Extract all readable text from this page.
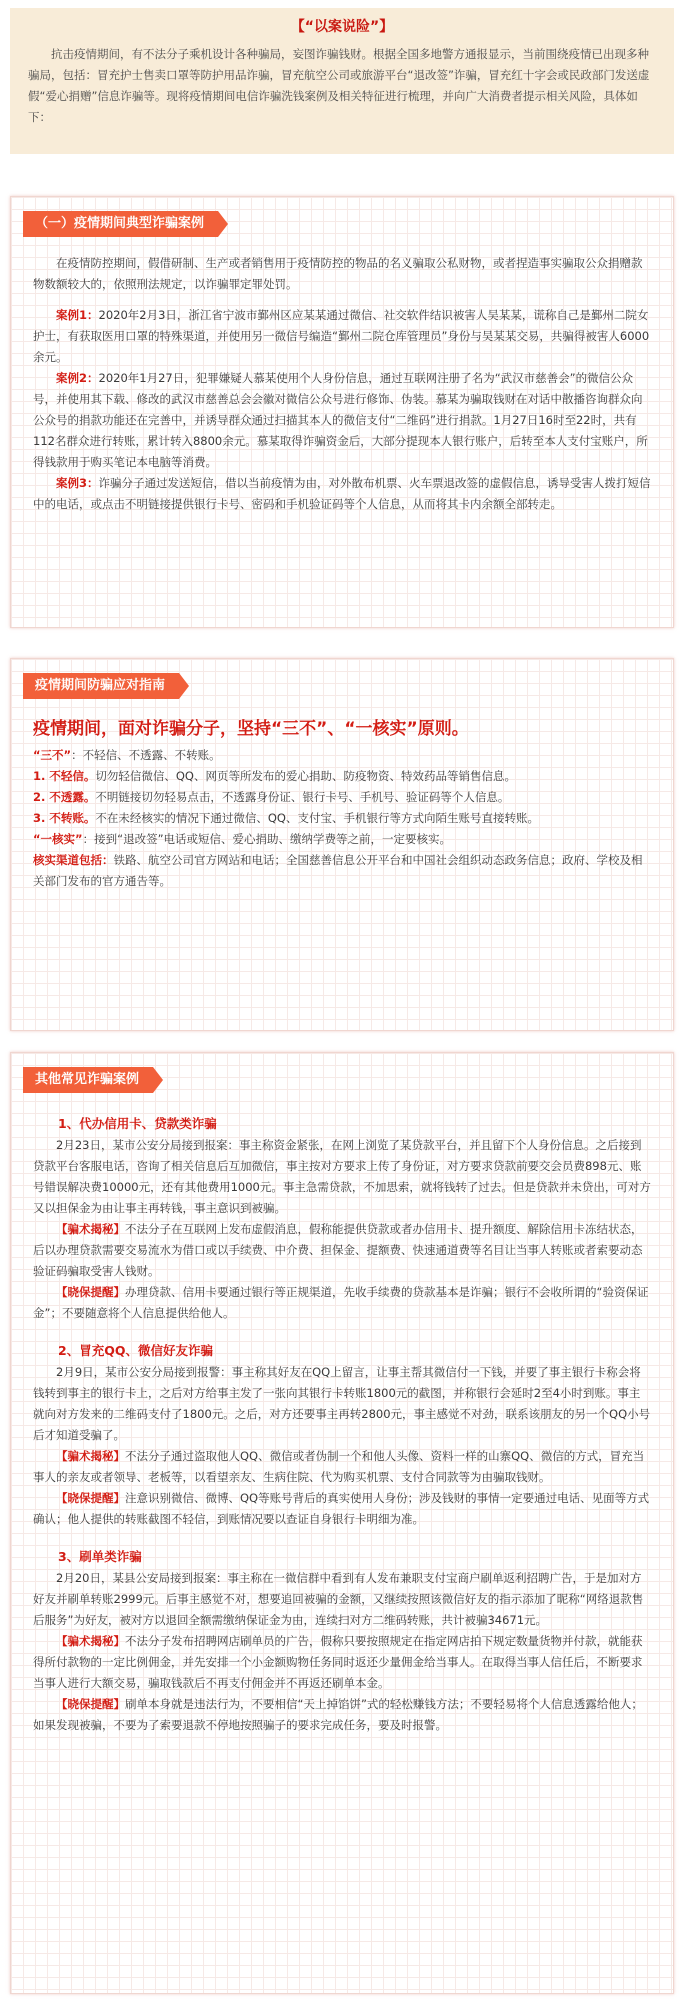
【“以案说险”】

抗击疫情期间，有不法分子乘机设计各种骗局，妄图诈骗钱财。根据全国多地警方通报显示，当前围绕疫情已出现多种骗局，包括：冒充护士售卖口罩等防护用品诈骗，冒充航空公司或旅游平台“退改签”诈骗，冒充红十字会或民政部门发送虚假“爱心捐赠”信息诈骗等。现将疫情期间电信诈骗洗钱案例及相关特征进行梳理，并向广大消费者提示相关风险，具体如下：

（一）疫情期间典型诈骗案例

在疫情防控期间，假借研制、生产或者销售用于疫情防控的物品的名义骗取公私财物，或者捏造事实骗取公众捐赠款物数额较大的，依照刑法规定，以诈骗罪定罪处罚。

案例1：2020年2月3日，浙江省宁波市鄞州区应某某通过微信、社交软件结识被害人吴某某，谎称自己是鄞州二院女护士，有获取医用口罩的特殊渠道，并使用另一微信号编造“鄞州二院仓库管理员”身份与吴某某交易，共骗得被害人6000余元。

案例2：2020年1月27日，犯罪嫌疑人慕某使用个人身份信息，通过互联网注册了名为“武汉市慈善会”的微信公众号，并使用其下载、修改的武汉市慈善总会会徽对微信公众号进行修饰、伪装。慕某为骗取钱财在对话中散播咨询群众向公众号的捐款功能还在完善中，并诱导群众通过扫描其本人的微信支付“二维码”进行捐款。1月27日16时至22时，共有112名群众进行转账，累计转入8800余元。慕某取得诈骗资金后，大部分提现本人银行账户，后转至本人支付宝账户，所得钱款用于购买笔记本电脑等消费。

案例3：诈骗分子通过发送短信，借以当前疫情为由，对外散布机票、火车票退改签的虚假信息，诱导受害人拨打短信中的电话，或点击不明链接提供银行卡号、密码和手机验证码等个人信息，从而将其卡内余额全部转走。

疫情期间防骗应对指南

疫情期间，面对诈骗分子，坚持“三不”、“一核实”原则。

“三不”：不轻信、不透露、不转账。

1. 不轻信。切勿轻信微信、QQ、网页等所发布的爱心捐助、防疫物资、特效药品等销售信息。

2. 不透露。不明链接切勿轻易点击，不透露身份证、银行卡号、手机号、验证码等个人信息。

3. 不转账。不在未经核实的情况下通过微信、QQ、支付宝、手机银行等方式向陌生账号直接转账。

“一核实”：接到“退改签”电话或短信、爱心捐助、缴纳学费等之前，一定要核实。

核实渠道包括：铁路、航空公司官方网站和电话；全国慈善信息公开平台和中国社会组织动态政务信息；政府、学校及相关部门发布的官方通告等。

其他常见诈骗案例

1、代办信用卡、贷款类诈骗

2月23日，某市公安分局接到报案：事主称资金紧张，在网上浏览了某贷款平台，并且留下个人身份信息。之后接到贷款平台客服电话，咨询了相关信息后互加微信，事主按对方要求上传了身份证，对方要求贷款前要交会员费898元、账号错误解决费10000元，还有其他费用1000元。事主急需贷款，不加思索，就将钱转了过去。但是贷款并未贷出，可对方又以担保金为由让事主再转钱，事主意识到被骗。

【骗术揭秘】不法分子在互联网上发布虚假消息，假称能提供贷款或者办信用卡、提升额度、解除信用卡冻结状态，后以办理贷款需要交易流水为借口或以手续费、中介费、担保金、提额费、快速通道费等名目让当事人转账或者索要动态验证码骗取受害人钱财。

【晓保提醒】办理贷款、信用卡要通过银行等正规渠道，先收手续费的贷款基本是诈骗；银行不会收所谓的“验资保证金”；不要随意将个人信息提供给他人。

2、冒充QQ、微信好友诈骗

2月9日，某市公安分局接到报警：事主称其好友在QQ上留言，让事主帮其微信付一下钱，并要了事主银行卡称会将钱转到事主的银行卡上，之后对方给事主发了一张向其银行卡转账1800元的截图，并称银行会延时2至4小时到账。事主就向对方发来的二维码支付了1800元。之后，对方还要事主再转2800元，事主感觉不对劲，联系该朋友的另一个QQ小号后才知道受骗了。

【骗术揭秘】不法分子通过盗取他人QQ、微信或者伪制一个和他人头像、资料一样的山寨QQ、微信的方式，冒充当事人的亲友或者领导、老板等，以看望亲友、生病住院、代为购买机票、支付合同款等为由骗取钱财。

【晓保提醒】注意识别微信、微博、QQ等账号背后的真实使用人身份；涉及钱财的事情一定要通过电话、见面等方式确认；他人提供的转账截图不轻信，到账情况要以查证自身银行卡明细为准。

3、刷单类诈骗

2月20日，某县公安局接到报案：事主称在一微信群中看到有人发布兼职支付宝商户刷单返利招聘广告，于是加对方好友并刷单转账2999元。后事主感觉不对，想要追回被骗的金额，又继续按照该微信好友的指示添加了昵称“网络退款售后服务”为好友，被对方以退回全额需缴纳保证金为由，连续扫对方二维码转账，共计被骗34671元。

【骗术揭秘】不法分子发布招聘网店刷单员的广告，假称只要按照规定在指定网店拍下规定数量货物并付款，就能获得所付款物的一定比例佣金，并先安排一个小金额购物任务同时返还少量佣金给当事人。在取得当事人信任后，不断要求当事人进行大额交易，骗取钱款后不再支付佣金并不再返还刷单本金。

【晓保提醒】刷单本身就是违法行为，不要相信“天上掉馅饼”式的轻松赚钱方法；不要轻易将个人信息透露给他人；如果发现被骗，不要为了索要退款不停地按照骗子的要求完成任务，要及时报警。
